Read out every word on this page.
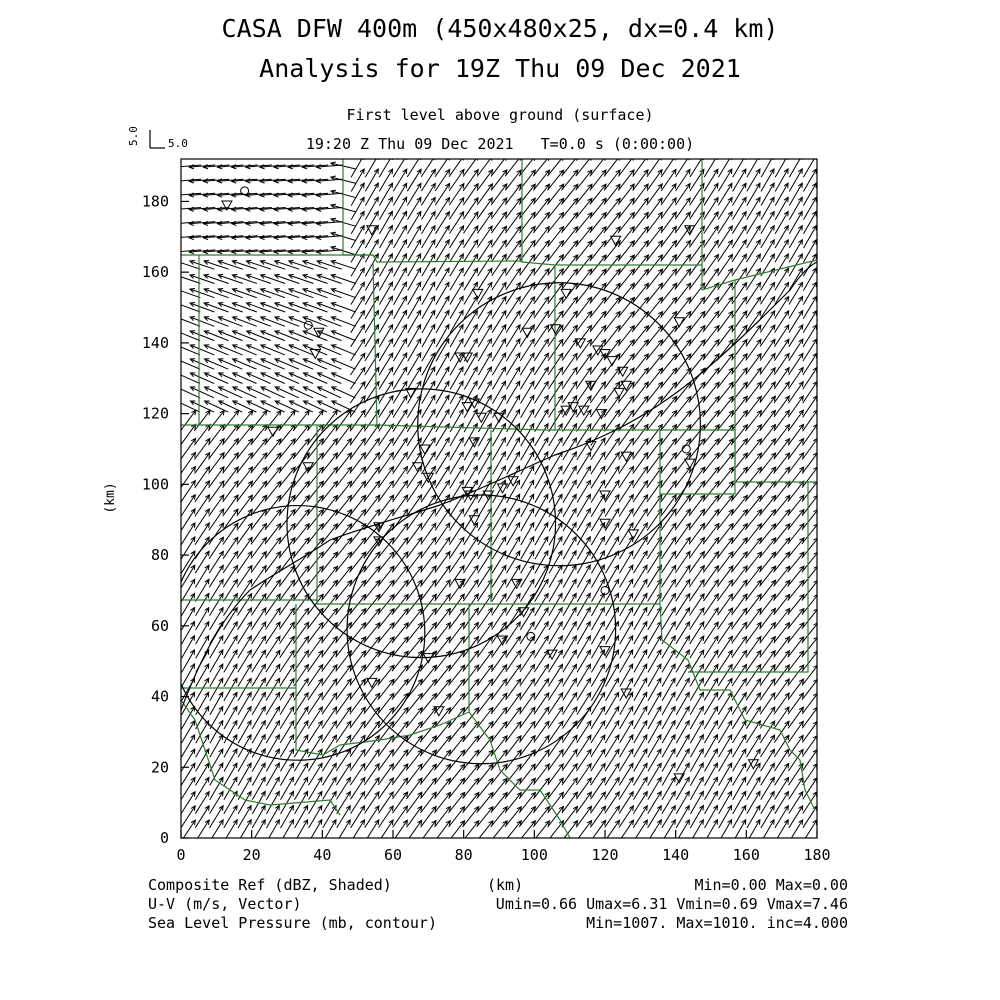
CASA DFW 400m (450x480x25, dx=0.4 km)
Analysis for 19Z Thu 09 Dec 2021
First level above ground (surface)
19:20 Z Thu 09 Dec 2021   T=0.0 s (0:00:00)
0	20	40	60	80	100	120	140	160	180
0
20
40
60
80
100
120
140
160
180
(km)
5.0	5.0
Composite Ref (dBZ, Shaded)
U-V (m/s, Vector)
Sea Level Pressure (mb, contour)
(km)	Min=0.00 Max=0.00
Umin=0.66 Umax=6.31 Vmin=0.69 Vmax=7.46
Min=1007. Max=1010. inc=4.000
